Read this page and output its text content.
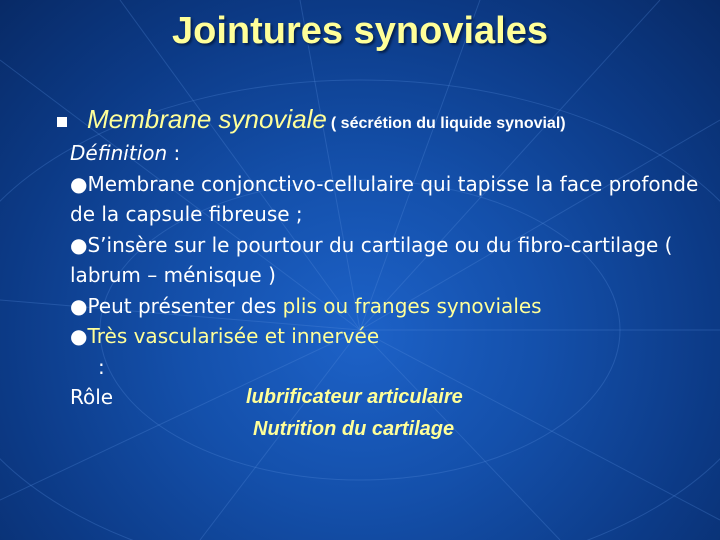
Jointures synoviales
Membrane synoviale ( sécrétion du liquide synovial)

Définition :

●Membrane conjonctivo-cellulaire qui tapisse la face profonde de la capsule fibreuse ;

●S’insère sur le pourtour du cartilage ou du fibro-cartilage ( labrum – ménisque )

●Peut présenter des plis ou franges synoviales

●Très vascularisée et innervée

:

Rôle	lubrificateur articulaire
Nutrition du cartilage
